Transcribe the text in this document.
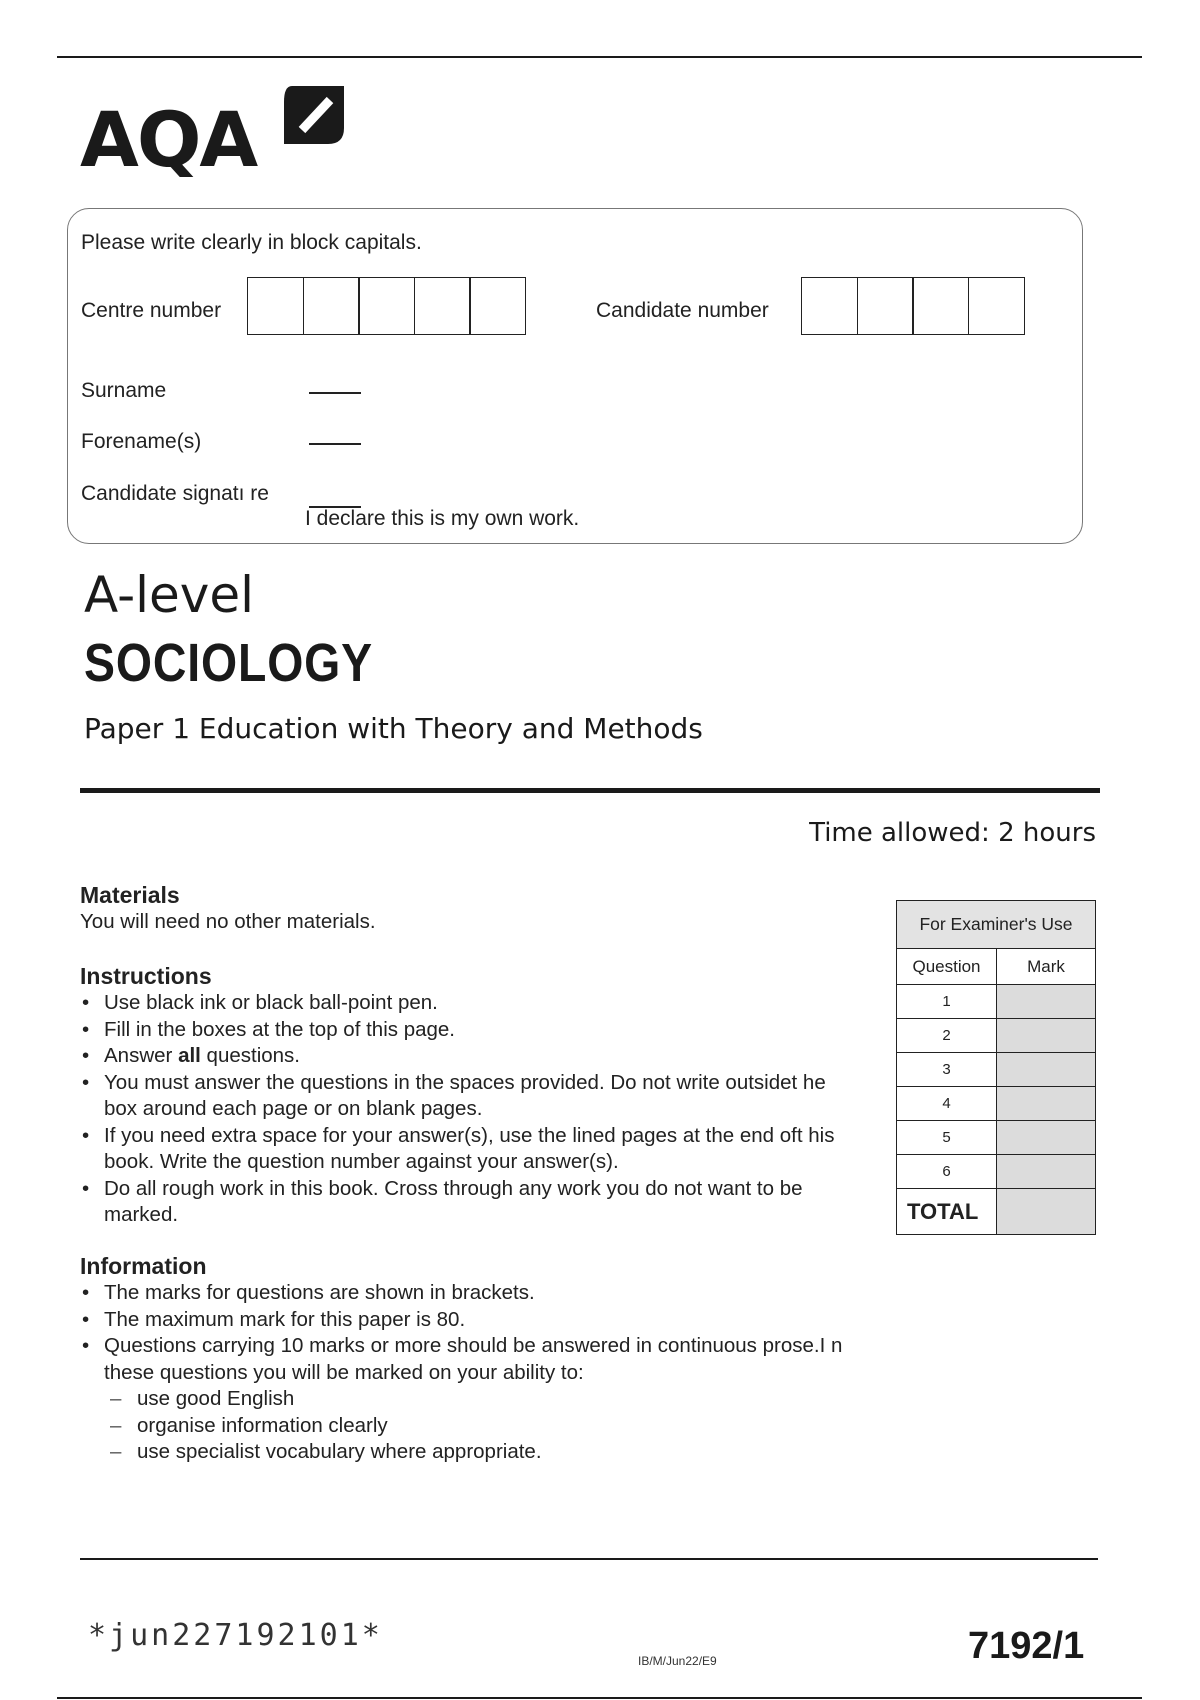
AQA
Please write clearly in block capitals.
Centre number	Candidate number
Surname
Forename(s)
Candidate signatı re
I declare this is my own work.
A-level
SOCIOLOGY
Paper 1 Education with Theory and Methods
Time allowed: 2 hours
Materials

You will need no other materials.

Instructions
• Use black ink or black ball-point pen.
• Fill in the boxes at the top of this page.
• Answer all questions.
• You must answer the questions in the spaces provided. Do not write outsidet he box around each page or on blank pages.
• If you need extra space for your answer(s), use the lined pages at the end oft his book. Write the question number against your answer(s).
• Do all rough work in this book. Cross through any work you do not want to be marked.
Information
• The marks for questions are shown in brackets.
• The maximum mark for this paper is 80.
• Questions carrying 10 marks or more should be answered in continuous prose.I n these questions you will be marked on your ability to:
– use good English
– organise information clearly
– use specialist vocabulary where appropriate.
For Examiner's Use	
Question	Mark
1	
2	
3	
4	
5	
6	
TOTAL	
*jun227192101*
IB/M/Jun22/E9	7192/1
